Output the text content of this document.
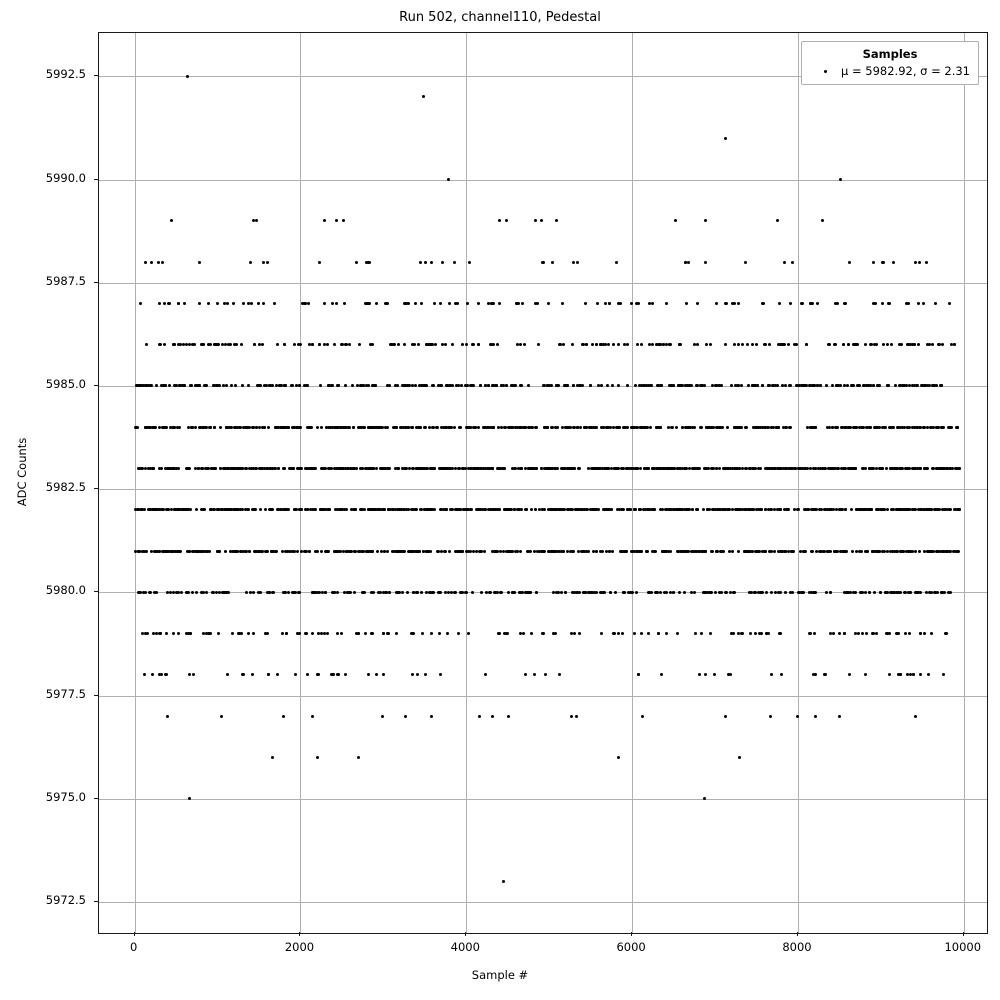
Run 502, channel110, Pedestal
Samples
μ = 5982.92, σ = 2.31
5972.5
5975.0
5977.5
5980.0
5982.5
5985.0
5987.5
5990.0
5992.5
0	2000	4000	6000	8000	10000
Sample #
ADC Counts
